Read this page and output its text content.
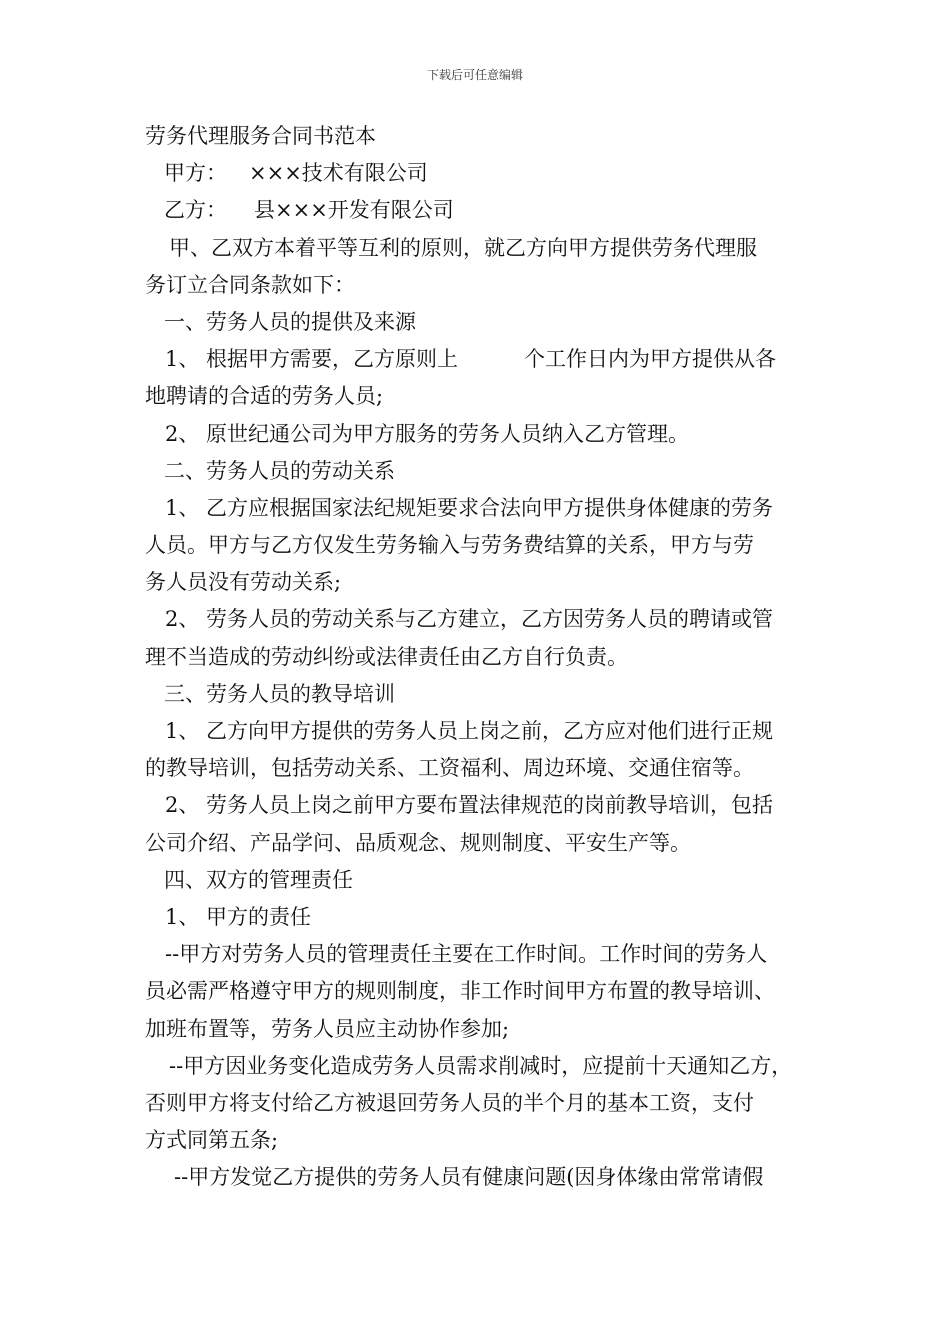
下载后可任意编辑
劳务代理服务合同书范本
甲方： ×××技术有限公司
乙方： 县×××开发有限公司
甲、乙双方本着平等互利的原则，就乙方向甲方提供劳务代理服
务订立合同条款如下：
一、劳务人员的提供及来源
1、 根据甲方需要，乙方原则上	个工作日内为甲方提供从各
地聘请的合适的劳务人员;
2、 原世纪通公司为甲方服务的劳务人员纳入乙方管理。
二、劳务人员的劳动关系
1、 乙方应根据国家法纪规矩要求合法向甲方提供身体健康的劳务
人员。甲方与乙方仅发生劳务输入与劳务费结算的关系，甲方与劳
务人员没有劳动关系;
2、 劳务人员的劳动关系与乙方建立，乙方因劳务人员的聘请或管
理不当造成的劳动纠纷或法律责任由乙方自行负责。
三、劳务人员的教导培训
1、 乙方向甲方提供的劳务人员上岗之前，乙方应对他们进行正规
的教导培训，包括劳动关系、工资福利、周边环境、交通住宿等。
2、 劳务人员上岗之前甲方要布置法律规范的岗前教导培训，包括
公司介绍、产品学问、品质观念、规则制度、平安生产等。
四、双方的管理责任
1、 甲方的责任
--甲方对劳务人员的管理责任主要在工作时间。工作时间的劳务人
员必需严格遵守甲方的规则制度，非工作时间甲方布置的教导培训、
加班布置等，劳务人员应主动协作参加;
--甲方因业务变化造成劳务人员需求削减时，应提前十天通知乙方，
否则甲方将支付给乙方被退回劳务人员的半个月的基本工资，支付
方式同第五条;
--甲方发觉乙方提供的劳务人员有健康问题(因身体缘由常常请假
